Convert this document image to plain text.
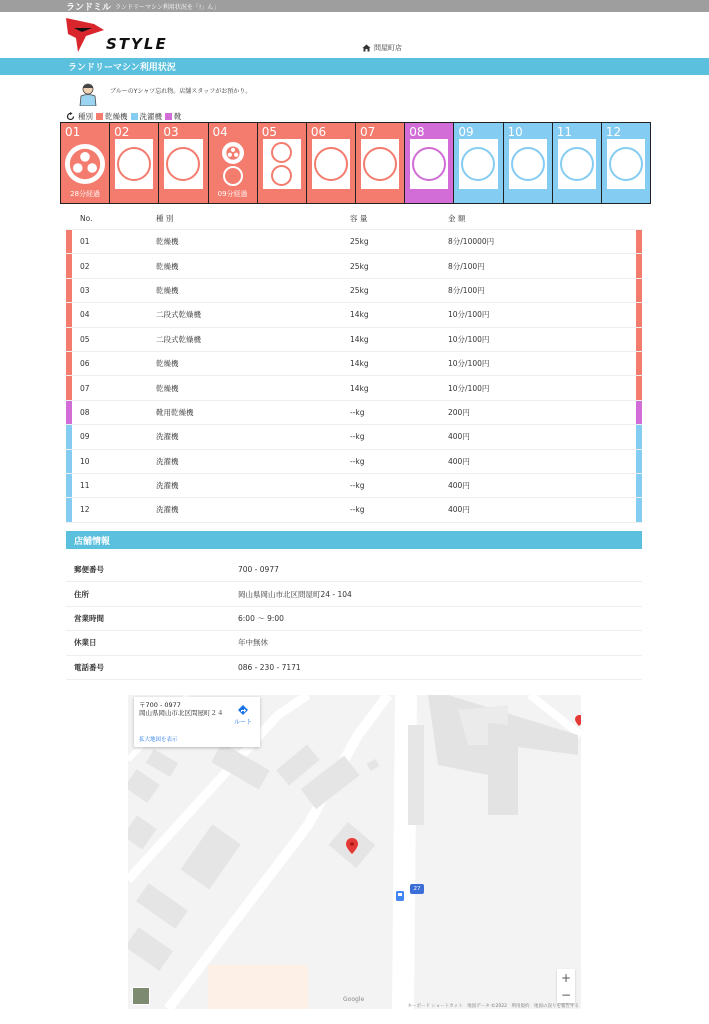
ランドミル ランドリーマシン利用状況を「!」ん」
STYLE	問屋町店
ランドリーマシン利用状況
ブルーのYシャツ忘れ物。店舗スタッフがお預かり。
種別 乾燥機 洗濯機 靴
01
28分経過
02	03	04
09分経過
05	06	07	08	09	10	11	12
No.	種 別	容 量	金 額
01	乾燥機	25kg	8分/10000円
02	乾燥機	25kg	8分/100円
03	乾燥機	25kg	8分/100円
04	二段式乾燥機	14kg	10分/100円
05	二段式乾燥機	14kg	10分/100円
06	乾燥機	14kg	10分/100円
07	乾燥機	14kg	10分/100円
08	靴用乾燥機	--kg	200円
09	洗濯機	--kg	400円
10	洗濯機	--kg	400円
11	洗濯機	--kg	400円
12	洗濯機	--kg	400円
店舗情報
郵便番号	700 - 0977
住所	岡山県岡山市北区問屋町24 - 104
営業時間	6:00 〜 9:00
休業日	年中無休
電話番号	086 - 230 - 7171
27
〒700 - 0977
岡山県岡山市北区問屋町２４
ルート
拡大地図を表示
Google
+
−
キーボード ショートカット　地図データ ©2022　利用規約　地図の誤りを報告する
